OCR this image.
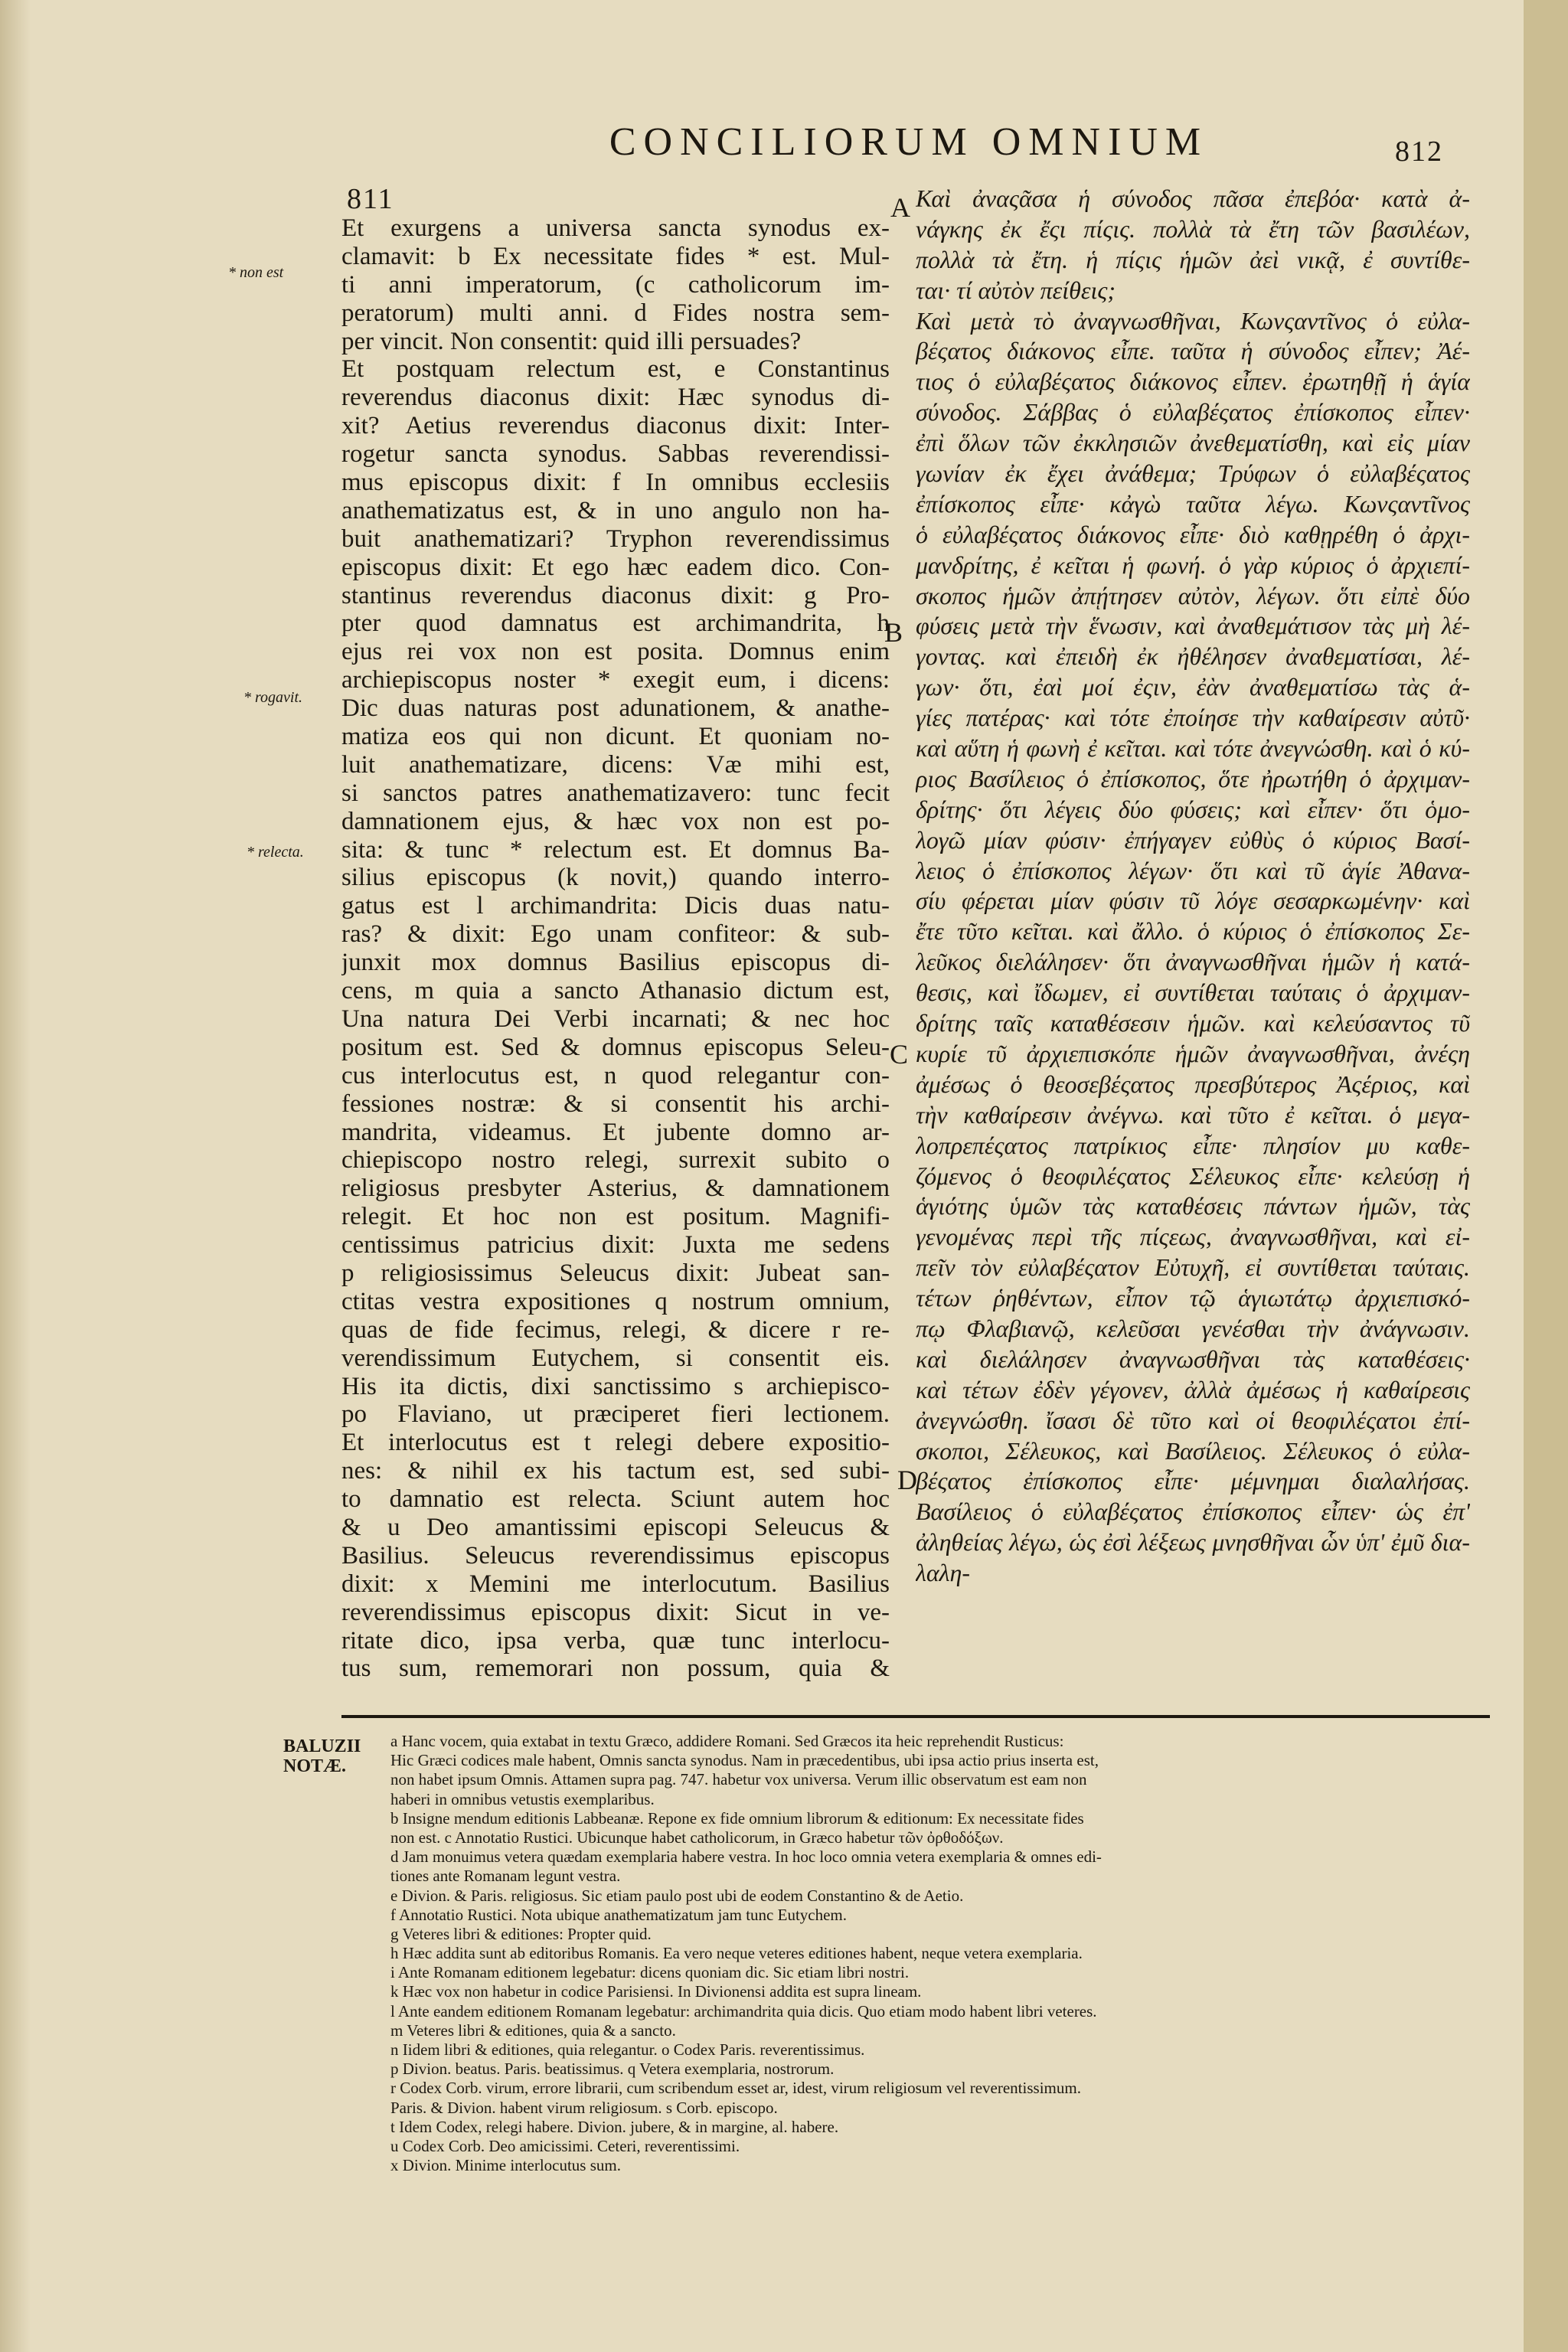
811
CONCILIORUM OMNIUM	812
* non est
* rogavit.
* relecta.
Et exurgens a universa sancta synodus ex-
clamavit: b Ex necessitate fides * est. Mul-
ti anni imperatorum, (c catholicorum im-
peratorum) multi anni. d Fides nostra sem-
per vincit. Non consentit: quid illi persuades?
Et postquam relectum est, e Constantinus
reverendus diaconus dixit: Hæc synodus di-
xit? Aetius reverendus diaconus dixit: Inter-
rogetur sancta synodus. Sabbas reverendissi-
mus episcopus dixit: f In omnibus ecclesiis
anathematizatus est, & in uno angulo non ha-
buit anathematizari? Tryphon reverendissimus
episcopus dixit: Et ego hæc eadem dico. Con-
stantinus reverendus diaconus dixit: g Pro-
pter quod damnatus est archimandrita, h
ejus rei vox non est posita. Domnus enim
archiepiscopus noster * exegit eum, i dicens:
Dic duas naturas post adunationem, & anathe-
matiza eos qui non dicunt. Et quoniam no-
luit anathematizare, dicens: Væ mihi est,
si sanctos patres anathematizavero: tunc fecit
damnationem ejus, & hæc vox non est po-
sita: & tunc * relectum est. Et domnus Ba-
silius episcopus (k novit,) quando interro-
gatus est l archimandrita: Dicis duas natu-
ras? & dixit: Ego unam confiteor: & sub-
junxit mox domnus Basilius episcopus di-
cens, m quia a sancto Athanasio dictum est,
Una natura Dei Verbi incarnati; & nec hoc
positum est. Sed & domnus episcopus Seleu-
cus interlocutus est, n quod relegantur con-
fessiones nostræ: & si consentit his archi-
mandrita, videamus. Et jubente domno ar-
chiepiscopo nostro relegi, surrexit subito o
religiosus presbyter Asterius, & damnationem
relegit. Et hoc non est positum. Magnifi-
centissimus patricius dixit: Juxta me sedens
p religiosissimus Seleucus dixit: Jubeat san-
ctitas vestra expositiones q nostrum omnium,
quas de fide fecimus, relegi, & dicere r re-
verendissimum Eutychem, si consentit eis.
His ita dictis, dixi sanctissimo s archiepisco-
po Flaviano, ut præciperet fieri lectionem.
Et interlocutus est t relegi debere expositio-
nes: & nihil ex his tactum est, sed subi-
to damnatio est relecta. Sciunt autem hoc
& u Deo amantissimi episcopi Seleucus &
Basilius. Seleucus reverendissimus episcopus
dixit: x Memini me interlocutum. Basilius
reverendissimus episcopus dixit: Sicut in ve-
ritate dico, ipsa verba, quæ tunc interlocu-
tus sum, rememorari non possum, quia &
Καὶ ἀναςᾶσα ἡ σύνοδος πᾶσα ἐπεβόα· κατὰ ἀ-
νάγκης ἐκ ἔςι πίςις. πολλὰ τὰ ἔτη τῶν βασιλέων,
πολλὰ τὰ ἔτη. ἡ πίςις ἡμῶν ἀεὶ νικᾷ, ἐ συντίθε-
ται· τί αὐτὸν πείθεις;
Καὶ μετὰ τὸ ἀναγνωσθῆναι, Κωνςαντῖνος ὁ εὐλα-
βέςατος διάκονος εἶπε. ταῦτα ἡ σύνοδος εἶπεν; Ἀέ-
τιος ὁ εὐλαβέςατος διάκονος εἶπεν. ἐρωτηθῇ ἡ ἁγία
σύνοδος. Σάββας ὁ εὐλαβέςατος ἐπίσκοπος εἶπεν·
ἐπὶ ὅλων τῶν ἐκκλησιῶν ἀνεθεματίσθη, καὶ εἰς μίαν
γωνίαν ἐκ ἔχει ἀνάθεμα; Τρύφων ὁ εὐλαβέςατος
ἐπίσκοπος εἶπε· κἀγὼ ταῦτα λέγω. Κωνςαντῖνος
ὁ εὐλαβέςατος διάκονος εἶπε· διὸ καθῃρέθη ὁ ἀρχι-
μανδρίτης, ἐ κεῖται ἡ φωνή. ὁ γὰρ κύριος ὁ ἀρχιεπί-
σκοπος ἡμῶν ἀπῄτησεν αὐτὸν, λέγων. ὅτι εἰπὲ δύο
φύσεις μετὰ τὴν ἕνωσιν, καὶ ἀναθεμάτισον τὰς μὴ λέ-
γοντας. καὶ ἐπειδὴ ἐκ ἠθέλησεν ἀναθεματίσαι, λέ-
γων· ὅτι, ἐαὶ μοί ἐςιν, ἐὰν ἀναθεματίσω τὰς ἁ-
γίες πατέρας· καὶ τότε ἐποίησε τὴν καθαίρεσιν αὐτῦ·
καὶ αὕτη ἡ φωνὴ ἐ κεῖται. καὶ τότε ἀνεγνώσθη. καὶ ὁ κύ-
ριος Βασίλειος ὁ ἐπίσκοπος, ὅτε ἠρωτήθη ὁ ἀρχιμαν-
δρίτης· ὅτι λέγεις δύο φύσεις; καὶ εἶπεν· ὅτι ὁμο-
λογῶ μίαν φύσιν· ἐπήγαγεν εὐθὺς ὁ κύριος Βασί-
λειος ὁ ἐπίσκοπος λέγων· ὅτι καὶ τῦ ἁγίε Ἀθανα-
σίυ φέρεται μίαν φύσιν τῦ λόγε σεσαρκωμένην· καὶ
ἔτε τῦτο κεῖται. καὶ ἄλλο. ὁ κύριος ὁ ἐπίσκοπος Σε-
λεῦκος διελάλησεν· ὅτι ἀναγνωσθῆναι ἡμῶν ἡ κατά-
θεσις, καὶ ἴδωμεν, εἰ συντίθεται ταύταις ὁ ἀρχιμαν-
δρίτης ταῖς καταθέσεσιν ἡμῶν. καὶ κελεύσαντος τῦ
κυρίε τῦ ἀρχιεπισκόπε ἡμῶν ἀναγνωσθῆναι, ἀνέςη
ἀμέσως ὁ θεοσεβέςατος πρεσβύτερος Ἀςέριος, καὶ
τὴν καθαίρεσιν ἀνέγνω. καὶ τῦτο ἐ κεῖται. ὁ μεγα-
λοπρεπέςατος πατρίκιος εἶπε· πλησίον μυ καθε-
ζόμενος ὁ θεοφιλέςατος Σέλευκος εἶπε· κελεύσῃ ἡ
ἁγιότης ὑμῶν τὰς καταθέσεις πάντων ἡμῶν, τὰς
γενομένας περὶ τῆς πίςεως, ἀναγνωσθῆναι, καὶ εἰ-
πεῖν τὸν εὐλαβέςατον Εὐτυχῆ, εἰ συντίθεται ταύταις.
τέτων ῥηθέντων, εἶπον τῷ ἁγιωτάτῳ ἀρχιεπισκό-
πῳ Φλαβιανῷ, κελεῦσαι γενέσθαι τὴν ἀνάγνωσιν.
καὶ διελάλησεν ἀναγνωσθῆναι τὰς καταθέσεις·
καὶ τέτων ἐδὲν γέγονεν, ἀλλὰ ἀμέσως ἡ καθαίρεσις
ἀνεγνώσθη. ἴσασι δὲ τῦτο καὶ οἱ θεοφιλέςατοι ἐπί-
σκοποι, Σέλευκος, καὶ Βασίλειος. Σέλευκος ὁ εὐλα-
βέςατος ἐπίσκοπος εἶπε· μέμνημαι διαλαλήσας.
Βασίλειος ὁ εὐλαβέςατος ἐπίσκοπος εἶπεν· ὡς ἐπ'
ἀληθείας λέγω, ὡς ἐσὶ λέξεως μνησθῆναι ὧν ὑπ' ἐμῦ δια-
λαλη-
A
B
C
D
BALUZII
NOTÆ.
a Hanc vocem, quia extabat in textu Græco, addidere Romani. Sed Græcos ita heic reprehendit Rusticus:
Hic Græci codices male habent, Omnis sancta synodus. Nam in præcedentibus, ubi ipsa actio prius inserta est,
non habet ipsum Omnis. Attamen supra pag. 747. habetur vox universa. Verum illic observatum est eam non
haberi in omnibus vetustis exemplaribus.
b Insigne mendum editionis Labbeanæ. Repone ex fide omnium librorum & editionum: Ex necessitate fides
non est. c Annotatio Rustici. Ubicunque habet catholicorum, in Græco habetur τῶν ὀρθοδόξων.
d Jam monuimus vetera quædam exemplaria habere vestra. In hoc loco omnia vetera exemplaria & omnes edi-
tiones ante Romanam legunt vestra.
e Divion. & Paris. religiosus. Sic etiam paulo post ubi de eodem Constantino & de Aetio.
f Annotatio Rustici. Nota ubique anathematizatum jam tunc Eutychem.
g Veteres libri & editiones: Propter quid.
h Hæc addita sunt ab editoribus Romanis. Ea vero neque veteres editiones habent, neque vetera exemplaria.
i Ante Romanam editionem legebatur: dicens quoniam dic. Sic etiam libri nostri.
k Hæc vox non habetur in codice Parisiensi. In Divionensi addita est supra lineam.
l Ante eandem editionem Romanam legebatur: archimandrita quia dicis. Quo etiam modo habent libri veteres.
m Veteres libri & editiones, quia & a sancto.
n Iidem libri & editiones, quia relegantur. o Codex Paris. reverentissimus.
p Divion. beatus. Paris. beatissimus. q Vetera exemplaria, nostrorum.
r Codex Corb. virum, errore librarii, cum scribendum esset ar, idest, virum religiosum vel reverentissimum.
Paris. & Divion. habent virum religiosum. s Corb. episcopo.
t Idem Codex, relegi habere. Divion. jubere, & in margine, al. habere.
u Codex Corb. Deo amicissimi. Ceteri, reverentissimi.
x Divion. Minime interlocutus sum.
